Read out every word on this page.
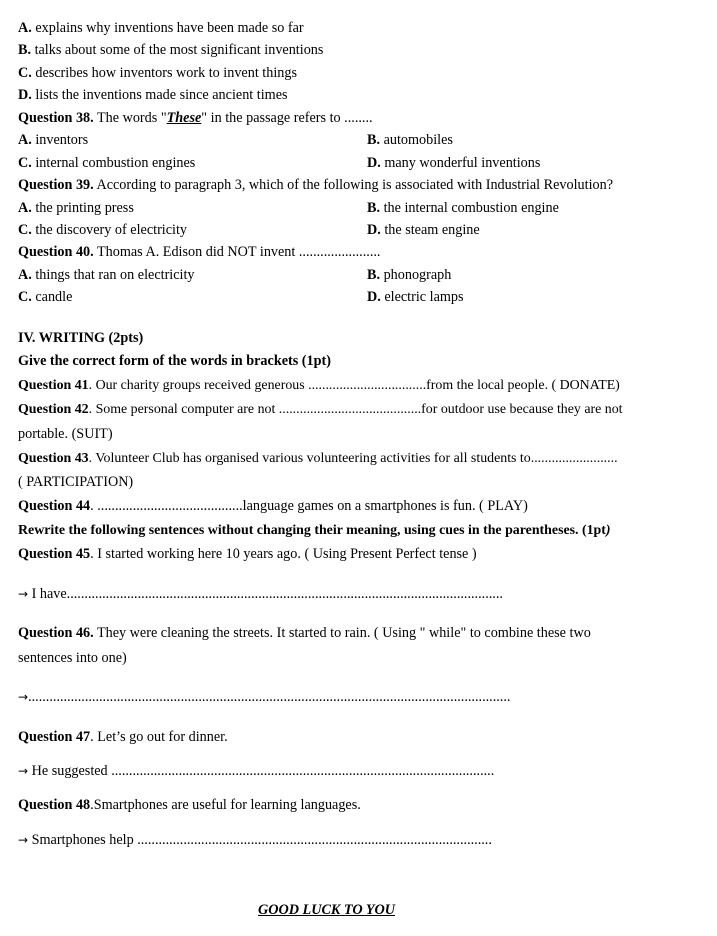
A. explains why inventions have been made so far
B. talks about some of the most significant inventions
C. describes how inventors work to invent things
D. lists the inventions made since ancient times
Question 38. The words "These" in the passage refers to ........
A. inventors	B. automobiles
C. internal combustion engines	D. many wonderful inventions
Question 39. According to paragraph 3, which of the following is associated with Industrial Revolution?
A. the printing press	B. the internal combustion engine
C. the discovery of electricity	D. the steam engine
Question 40. Thomas A. Edison did NOT invent .......................
A. things that ran on electricity	B. phonograph
C. candle	D. electric lamps
IV. WRITING (2pts)
Give the correct form of the words in brackets (1pt)
Question 41. Our charity groups received generous ..................................from the local people. ( DONATE)
Question 42. Some personal computer are not .........................................for outdoor use because they are not
portable. (SUIT)
Question 43. Volunteer Club has organised various volunteering activities for all students to.........................
( PARTICIPATION)
Question 44. .........................................language games on a smartphones is fun. ( PLAY)
Rewrite the following sentences without changing their meaning, using cues in the parentheses. (1pt)
Question 45. I started working here 10 years ago. ( Using Present Perfect tense )
→ I have...........................................................................................................................
Question 46. They were cleaning the streets. It started to rain. ( Using " while" to combine these two
sentences into one)
→........................................................................................................................................
Question 47. Let’s go out for dinner.
→ He suggested ............................................................................................................
Question 48.Smartphones are useful for learning languages.
→ Smartphones help ....................................................................................................
GOOD LUCK TO YOU
